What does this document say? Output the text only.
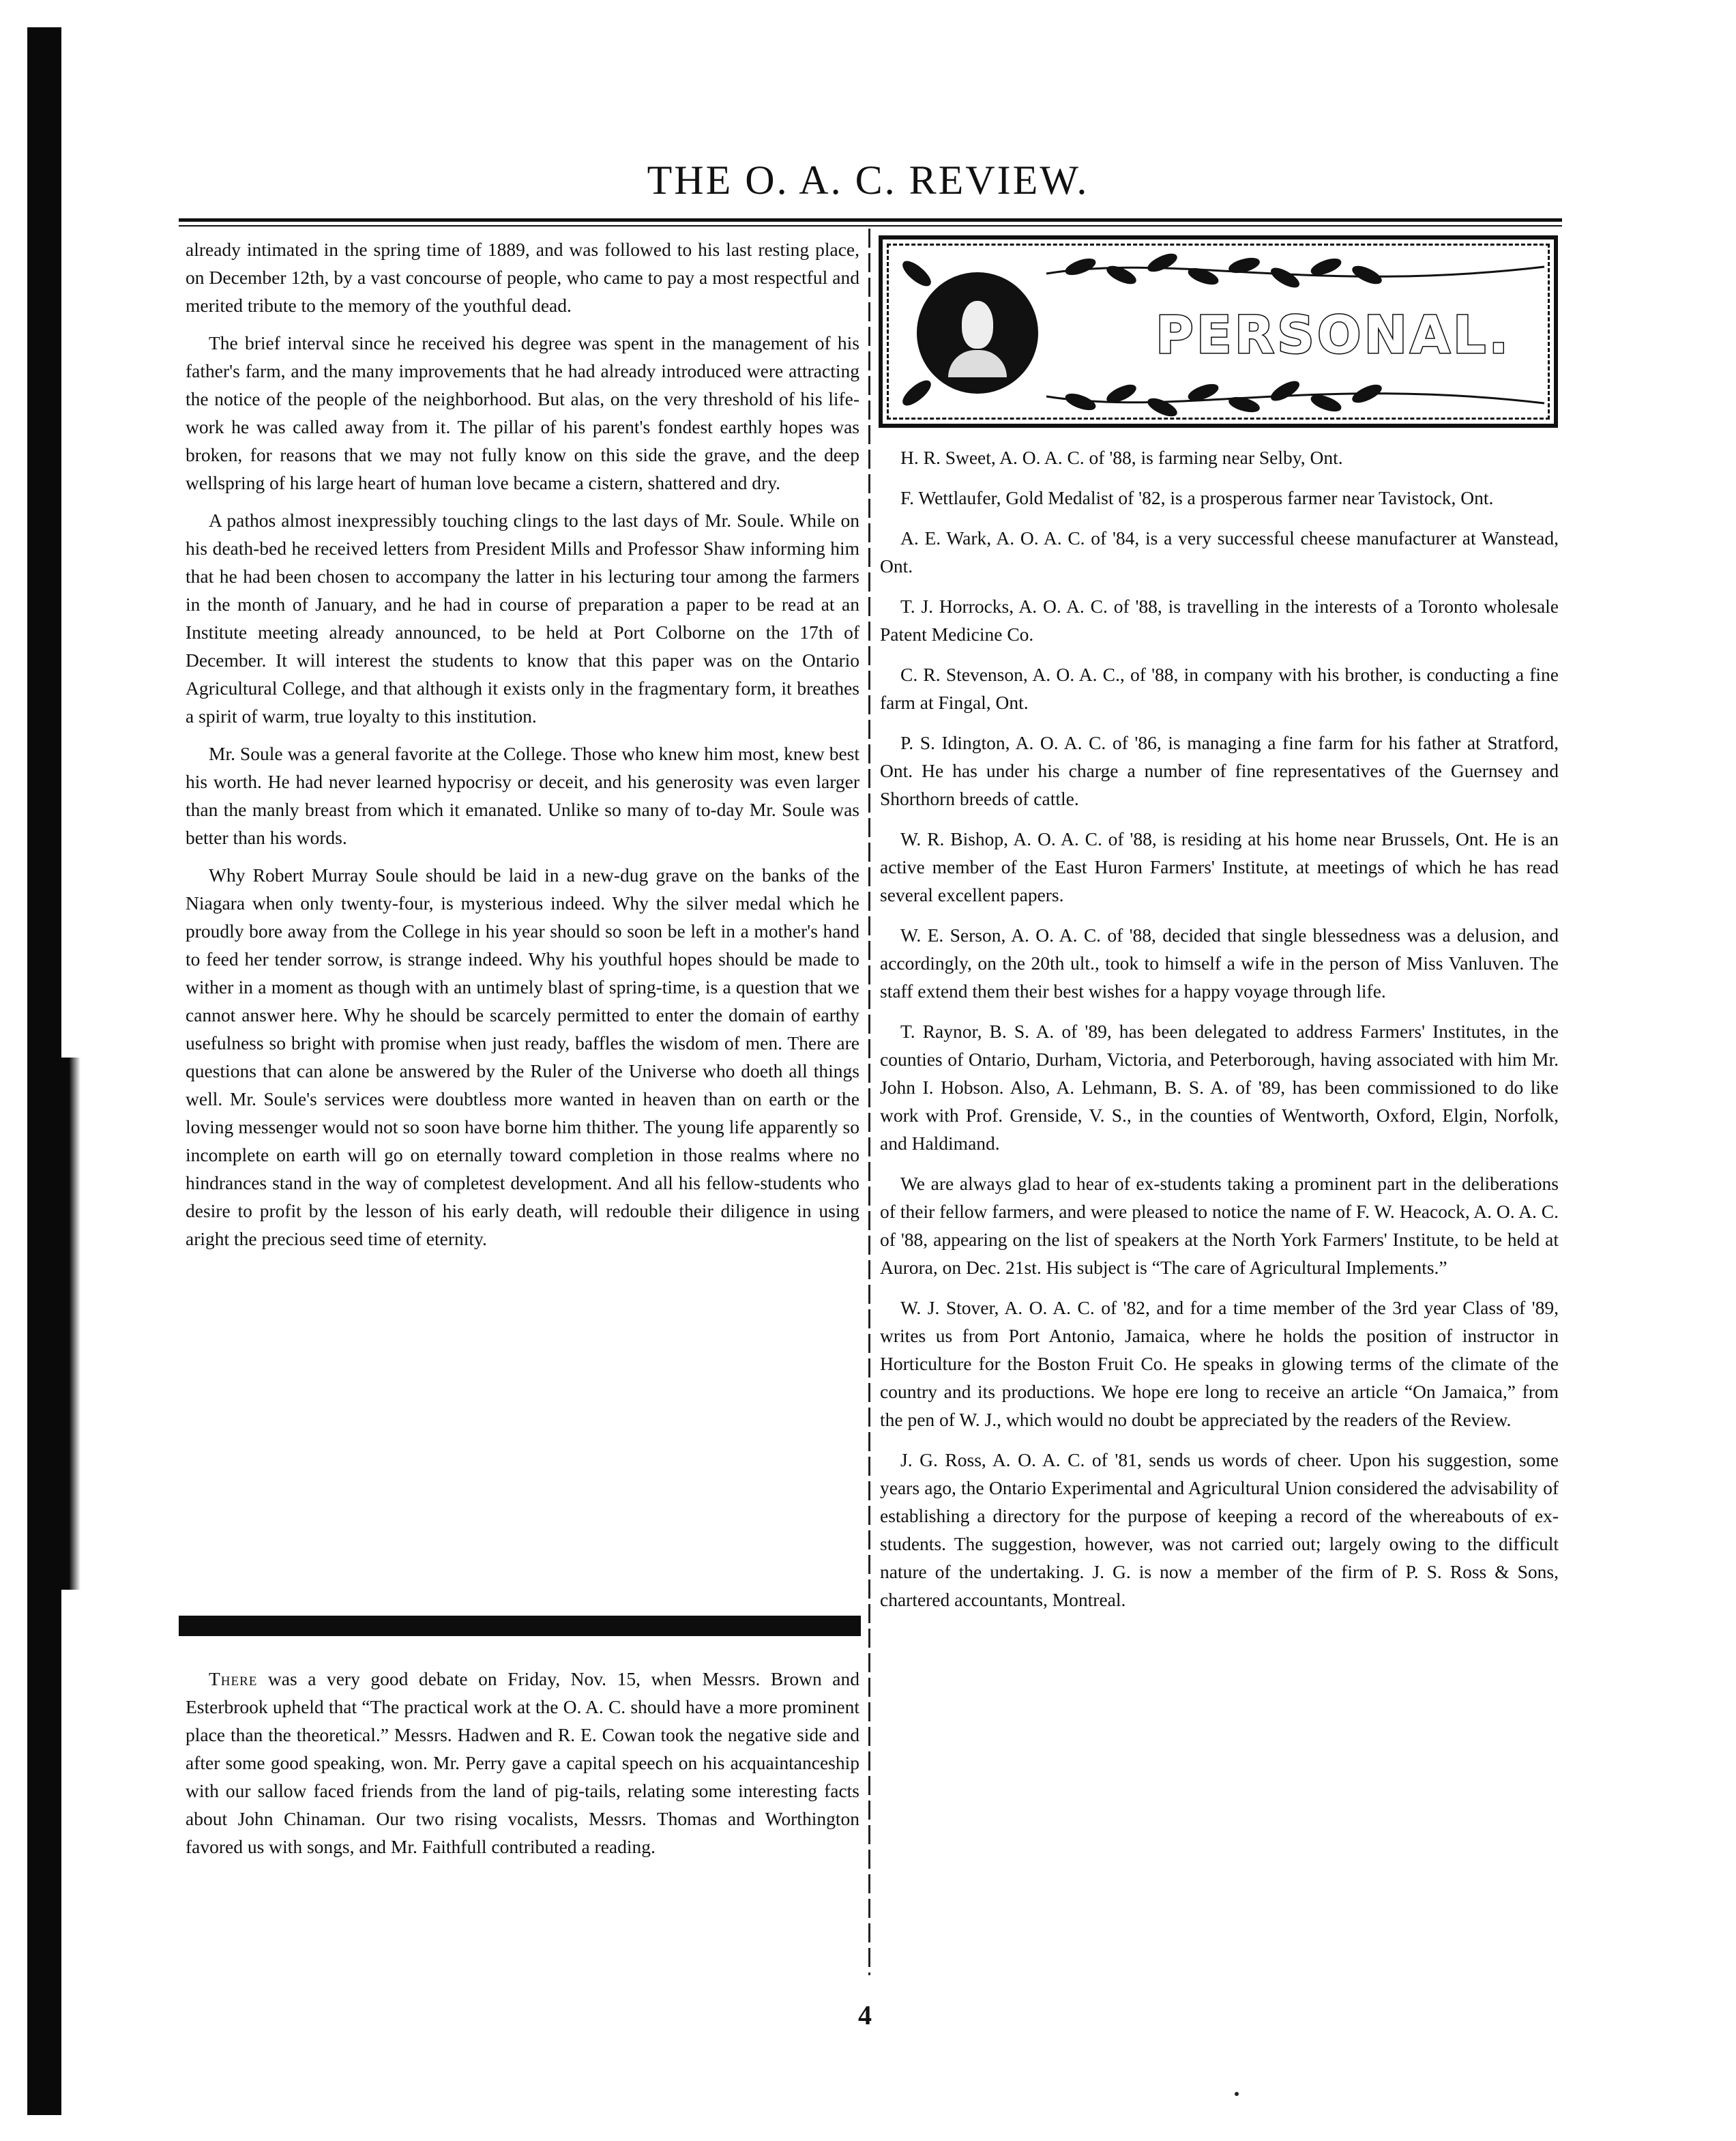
THE O. A. C. REVIEW.

already intimated in the spring time of 1889, and was followed to his last resting place, on December 12th, by a vast concourse of people, who came to pay a most respectful and merited tribute to the memory of the youthful dead.

The brief interval since he received his degree was spent in the management of his father's farm, and the many improvements that he had already introduced were attracting the notice of the people of the neighborhood. But alas, on the very threshold of his life-work he was called away from it. The pillar of his parent's fondest earthly hopes was broken, for reasons that we may not fully know on this side the grave, and the deep wellspring of his large heart of human love became a cistern, shattered and dry.

A pathos almost inexpressibly touching clings to the last days of Mr. Soule. While on his death-bed he received letters from President Mills and Professor Shaw informing him that he had been chosen to accompany the latter in his lecturing tour among the farmers in the month of January, and he had in course of preparation a paper to be read at an Institute meeting already announced, to be held at Port Colborne on the 17th of December. It will interest the students to know that this paper was on the Ontario Agricultural College, and that although it exists only in the fragmentary form, it breathes a spirit of warm, true loyalty to this institution.

Mr. Soule was a general favorite at the College. Those who knew him most, knew best his worth. He had never learned hypocrisy or deceit, and his generosity was even larger than the manly breast from which it emanated. Unlike so many of to-day Mr. Soule was better than his words.

Why Robert Murray Soule should be laid in a new-dug grave on the banks of the Niagara when only twenty-four, is mysterious indeed. Why the silver medal which he proudly bore away from the College in his year should so soon be left in a mother's hand to feed her tender sorrow, is strange indeed. Why his youthful hopes should be made to wither in a moment as though with an untimely blast of spring-time, is a question that we cannot answer here. Why he should be scarcely permitted to enter the domain of earthy usefulness so bright with promise when just ready, baffles the wisdom of men. There are questions that can alone be answered by the Ruler of the Universe who doeth all things well. Mr. Soule's services were doubtless more wanted in heaven than on earth or the loving messenger would not so soon have borne him thither. The young life apparently so incomplete on earth will go on eternally toward completion in those realms where no hindrances stand in the way of completest development. And all his fellow-students who desire to profit by the lesson of his early death, will redouble their diligence in using aright the precious seed time of eternity.

There was a very good debate on Friday, Nov. 15, when Messrs. Brown and Esterbrook upheld that “The practical work at the O. A. C. should have a more prominent place than the theoretical.” Messrs. Hadwen and R. E. Cowan took the negative side and after some good speaking, won. Mr. Perry gave a capital speech on his acquaintanceship with our sallow faced friends from the land of pig-tails, relating some interesting facts about John Chinaman. Our two rising vocalists, Messrs. Thomas and Worthington favored us with songs, and Mr. Faithfull contributed a reading.

PERSONAL.

H. R. Sweet, A. O. A. C. of '88, is farming near Selby, Ont.

F. Wettlaufer, Gold Medalist of '82, is a prosperous farmer near Tavistock, Ont.

A. E. Wark, A. O. A. C. of '84, is a very successful cheese manufacturer at Wanstead, Ont.

T. J. Horrocks, A. O. A. C. of '88, is travelling in the interests of a Toronto wholesale Patent Medicine Co.

C. R. Stevenson, A. O. A. C., of '88, in company with his brother, is conducting a fine farm at Fingal, Ont.

P. S. Idington, A. O. A. C. of '86, is managing a fine farm for his father at Stratford, Ont. He has under his charge a number of fine representatives of the Guernsey and Shorthorn breeds of cattle.

W. R. Bishop, A. O. A. C. of '88, is residing at his home near Brussels, Ont. He is an active member of the East Huron Farmers' Institute, at meetings of which he has read several excellent papers.

W. E. Serson, A. O. A. C. of '88, decided that single blessedness was a delusion, and accordingly, on the 20th ult., took to himself a wife in the person of Miss Vanluven. The staff extend them their best wishes for a happy voyage through life.

T. Raynor, B. S. A. of '89, has been delegated to address Farmers' Institutes, in the counties of Ontario, Durham, Victoria, and Peterborough, having associated with him Mr. John I. Hobson. Also, A. Lehmann, B. S. A. of '89, has been commissioned to do like work with Prof. Grenside, V. S., in the counties of Wentworth, Oxford, Elgin, Norfolk, and Haldimand.

We are always glad to hear of ex-students taking a prominent part in the deliberations of their fellow farmers, and were pleased to notice the name of F. W. Heacock, A. O. A. C. of '88, appearing on the list of speakers at the North York Farmers' Institute, to be held at Aurora, on Dec. 21st. His subject is “The care of Agricultural Implements.”

W. J. Stover, A. O. A. C. of '82, and for a time member of the 3rd year Class of '89, writes us from Port Antonio, Jamaica, where he holds the position of instructor in Horticulture for the Boston Fruit Co. He speaks in glowing terms of the climate of the country and its productions. We hope ere long to receive an article “On Jamaica,” from the pen of W. J., which would no doubt be appreciated by the readers of the Review.

J. G. Ross, A. O. A. C. of '81, sends us words of cheer. Upon his suggestion, some years ago, the Ontario Experimental and Agricultural Union considered the advisability of establishing a directory for the purpose of keeping a record of the whereabouts of ex-students. The suggestion, however, was not carried out; largely owing to the difficult nature of the undertaking. J. G. is now a member of the firm of P. S. Ross & Sons, chartered accountants, Montreal.

4
